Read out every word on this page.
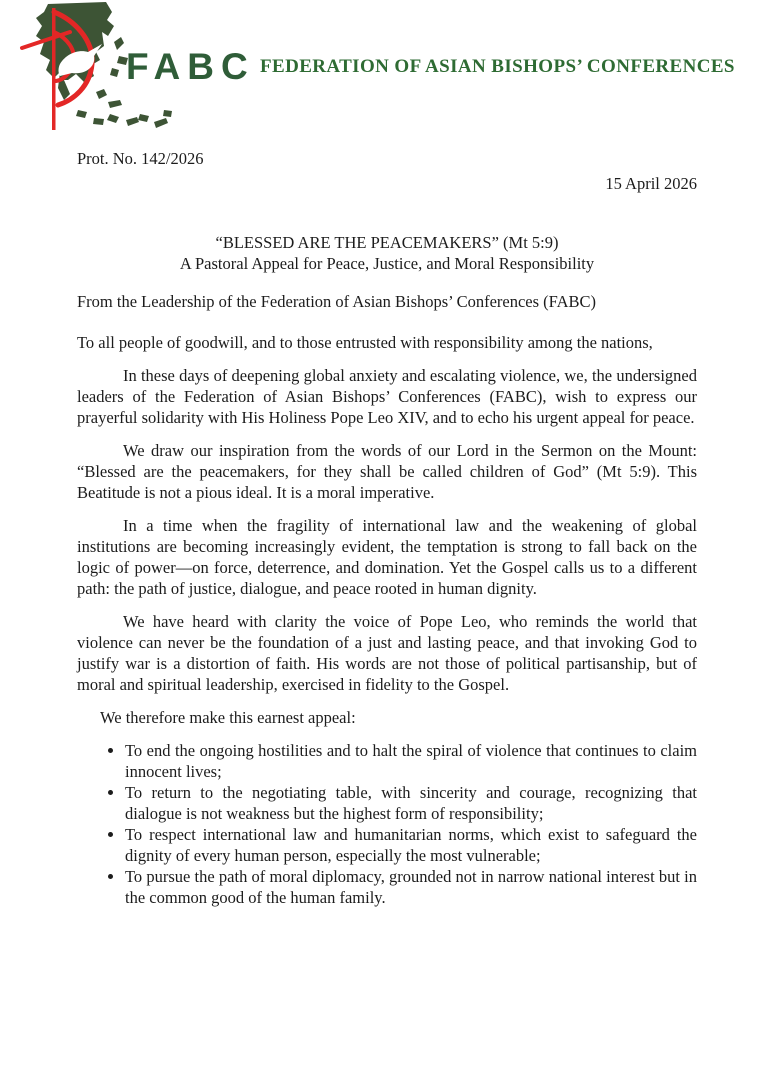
FABC FEDERATION OF ASIAN BISHOPS’ CONFERENCES
Prot. No. 142/2026
15 April 2026
“BLESSED ARE THE PEACEMAKERS” (Mt 5:9)
A Pastoral Appeal for Peace, Justice, and Moral Responsibility
From the Leadership of the Federation of Asian Bishops’ Conferences (FABC)
To all people of goodwill, and to those entrusted with responsibility among the nations,

In these days of deepening global anxiety and escalating violence, we, the undersigned leaders of the Federation of Asian Bishops’ Conferences (FABC), wish to express our prayerful solidarity with His Holiness Pope Leo XIV, and to echo his urgent appeal for peace.

We draw our inspiration from the words of our Lord in the Sermon on the Mount: “Blessed are the peacemakers, for they shall be called children of God” (Mt 5:9). This Beatitude is not a pious ideal. It is a moral imperative.

In a time when the fragility of international law and the weakening of global institutions are becoming increasingly evident, the temptation is strong to fall back on the logic of power—on force, deterrence, and domination. Yet the Gospel calls us to a different path: the path of justice, dialogue, and peace rooted in human dignity.

We have heard with clarity the voice of Pope Leo, who reminds the world that violence can never be the foundation of a just and lasting peace, and that invoking God to justify war is a distortion of faith. His words are not those of political partisanship, but of moral and spiritual leadership, exercised in fidelity to the Gospel.

We therefore make this earnest appeal:
• To end the ongoing hostilities and to halt the spiral of violence that continues to claim innocent lives;
• To return to the negotiating table, with sincerity and courage, recognizing that dialogue is not weakness but the highest form of responsibility;
• To respect international law and humanitarian norms, which exist to safeguard the dignity of every human person, especially the most vulnerable;
• To pursue the path of moral diplomacy, grounded not in narrow national interest but in the common good of the human family.
